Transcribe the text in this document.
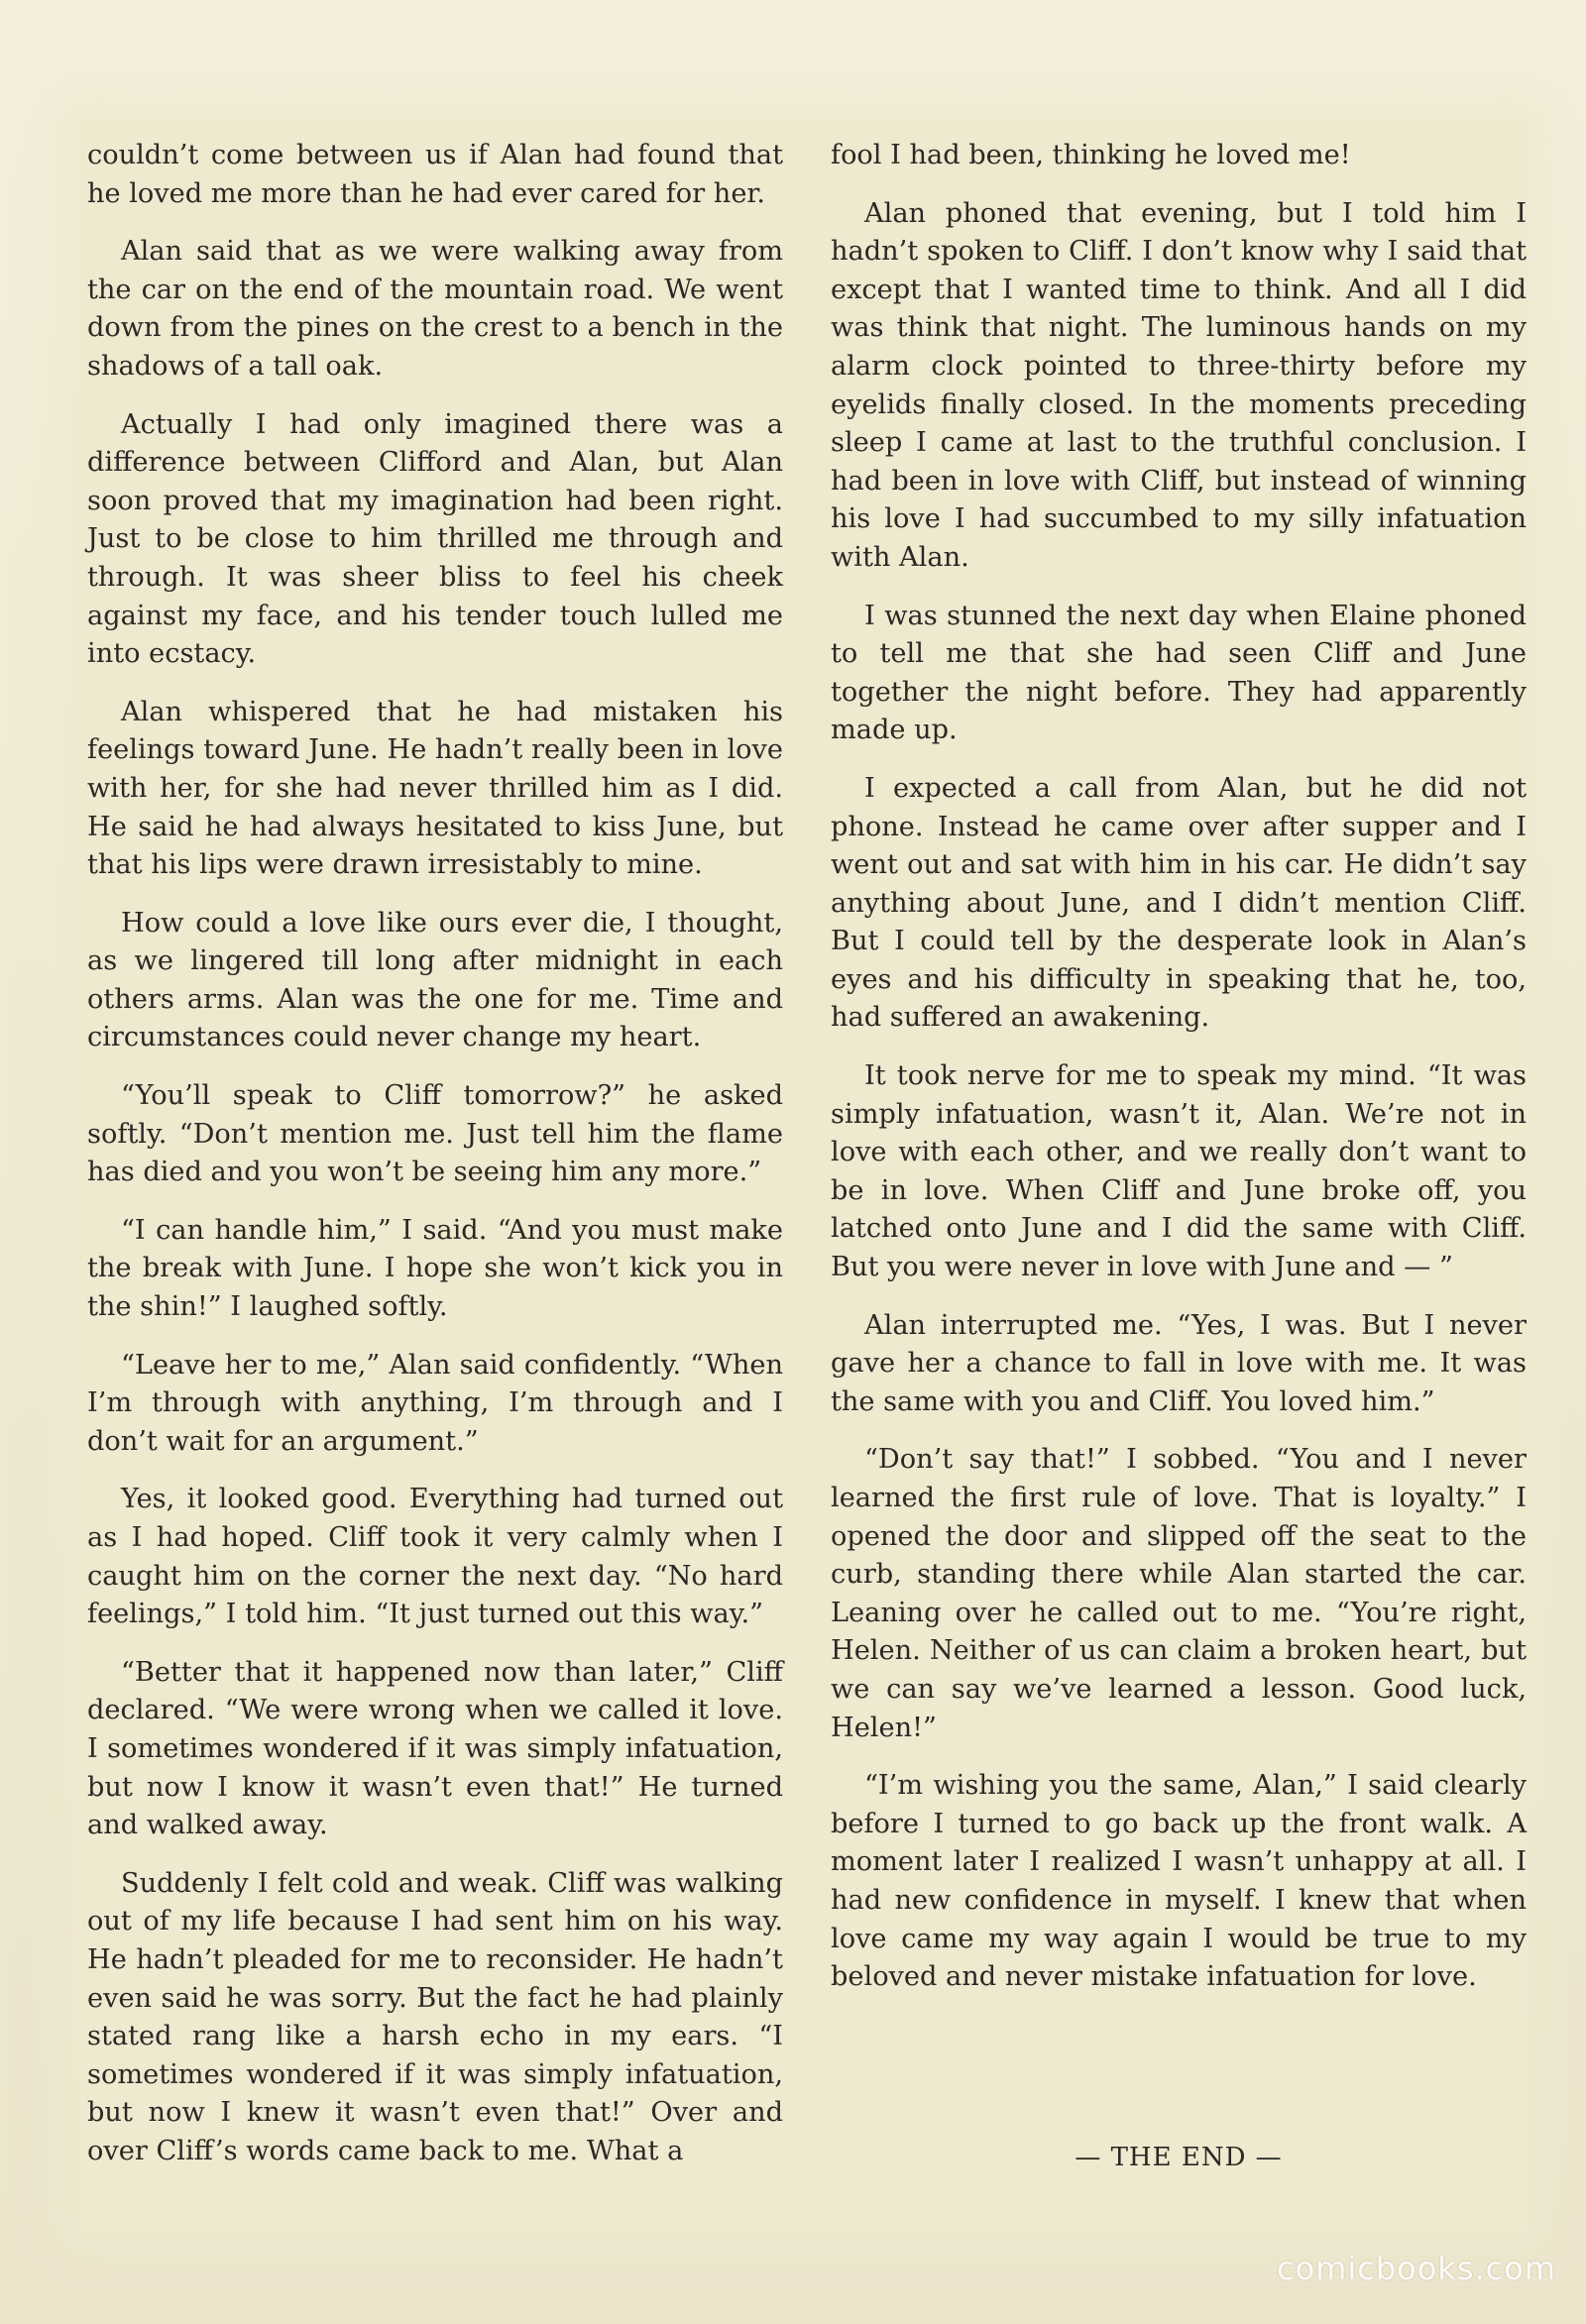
couldn’t come between us if Alan had found that he loved me more than he had ever cared for her.

Alan said that as we were walking away from the car on the end of the mountain road. We went down from the pines on the crest to a bench in the shadows of a tall oak.

Actually I had only imagined there was a difference between Clifford and Alan, but Alan soon proved that my imagination had been right. Just to be close to him thrilled me through and through. It was sheer bliss to feel his cheek against my face, and his tender touch lulled me into ecstacy.

Alan whispered that he had mistaken his feelings toward June. He hadn’t really been in love with her, for she had never thrilled him as I did. He said he had always hesitated to kiss June, but that his lips were drawn irresistably to mine.

How could a love like ours ever die, I thought, as we lingered till long after midnight in each others arms. Alan was the one for me. Time and circumstances could never change my heart.

“You’ll speak to Cliff tomorrow?” he asked softly. “Don’t mention me. Just tell him the flame has died and you won’t be seeing him any more.”

“I can handle him,” I said. “And you must make the break with June. I hope she won’t kick you in the shin!” I laughed softly.

“Leave her to me,” Alan said confidently. “When I’m through with anything, I’m through and I don’t wait for an argument.”

Yes, it looked good. Everything had turned out as I had hoped. Cliff took it very calmly when I caught him on the corner the next day. “No hard feelings,” I told him. “It just turned out this way.”

“Better that it happened now than later,” Cliff declared. “We were wrong when we called it love. I sometimes wondered if it was simply infatuation, but now I know it wasn’t even that!” He turned and walked away.

Suddenly I felt cold and weak. Cliff was walking out of my life because I had sent him on his way. He hadn’t pleaded for me to reconsider. He hadn’t even said he was sorry. But the fact he had plainly stated rang like a harsh echo in my ears. “I sometimes wondered if it was simply infatuation, but now I knew it wasn’t even that!” Over and over Cliff’s words came back to me. What a

fool I had been, thinking he loved me!

Alan phoned that evening, but I told him I hadn’t spoken to Cliff. I don’t know why I said that except that I wanted time to think. And all I did was think that night. The luminous hands on my alarm clock pointed to three-thirty before my eyelids finally closed. In the moments preceding sleep I came at last to the truthful conclusion. I had been in love with Cliff, but instead of winning his love I had succumbed to my silly infatuation with Alan.

I was stunned the next day when Elaine phoned to tell me that she had seen Cliff and June together the night before. They had apparently made up.

I expected a call from Alan, but he did not phone. Instead he came over after supper and I went out and sat with him in his car. He didn’t say anything about June, and I didn’t mention Cliff. But I could tell by the desperate look in Alan’s eyes and his difficulty in speaking that he, too, had suffered an awakening.

It took nerve for me to speak my mind. “It was simply infatuation, wasn’t it, Alan. We’re not in love with each other, and we really don’t want to be in love. When Cliff and June broke off, you latched onto June and I did the same with Cliff. But you were never in love with June and — ”

Alan interrupted me. “Yes, I was. But I never gave her a chance to fall in love with me. It was the same with you and Cliff. You loved him.”

“Don’t say that!” I sobbed. “You and I never learned the first rule of love. That is loyalty.” I opened the door and slipped off the seat to the curb, standing there while Alan started the car. Leaning over he called out to me. “You’re right, Helen. Neither of us can claim a broken heart, but we can say we’ve learned a lesson. Good luck, Helen!”

“I’m wishing you the same, Alan,” I said clearly before I turned to go back up the front walk. A moment later I realized I wasn’t unhappy at all. I had new confidence in myself. I knew that when love came my way again I would be true to my beloved and never mistake infatuation for love.

— THE END —
comicbooks.com
